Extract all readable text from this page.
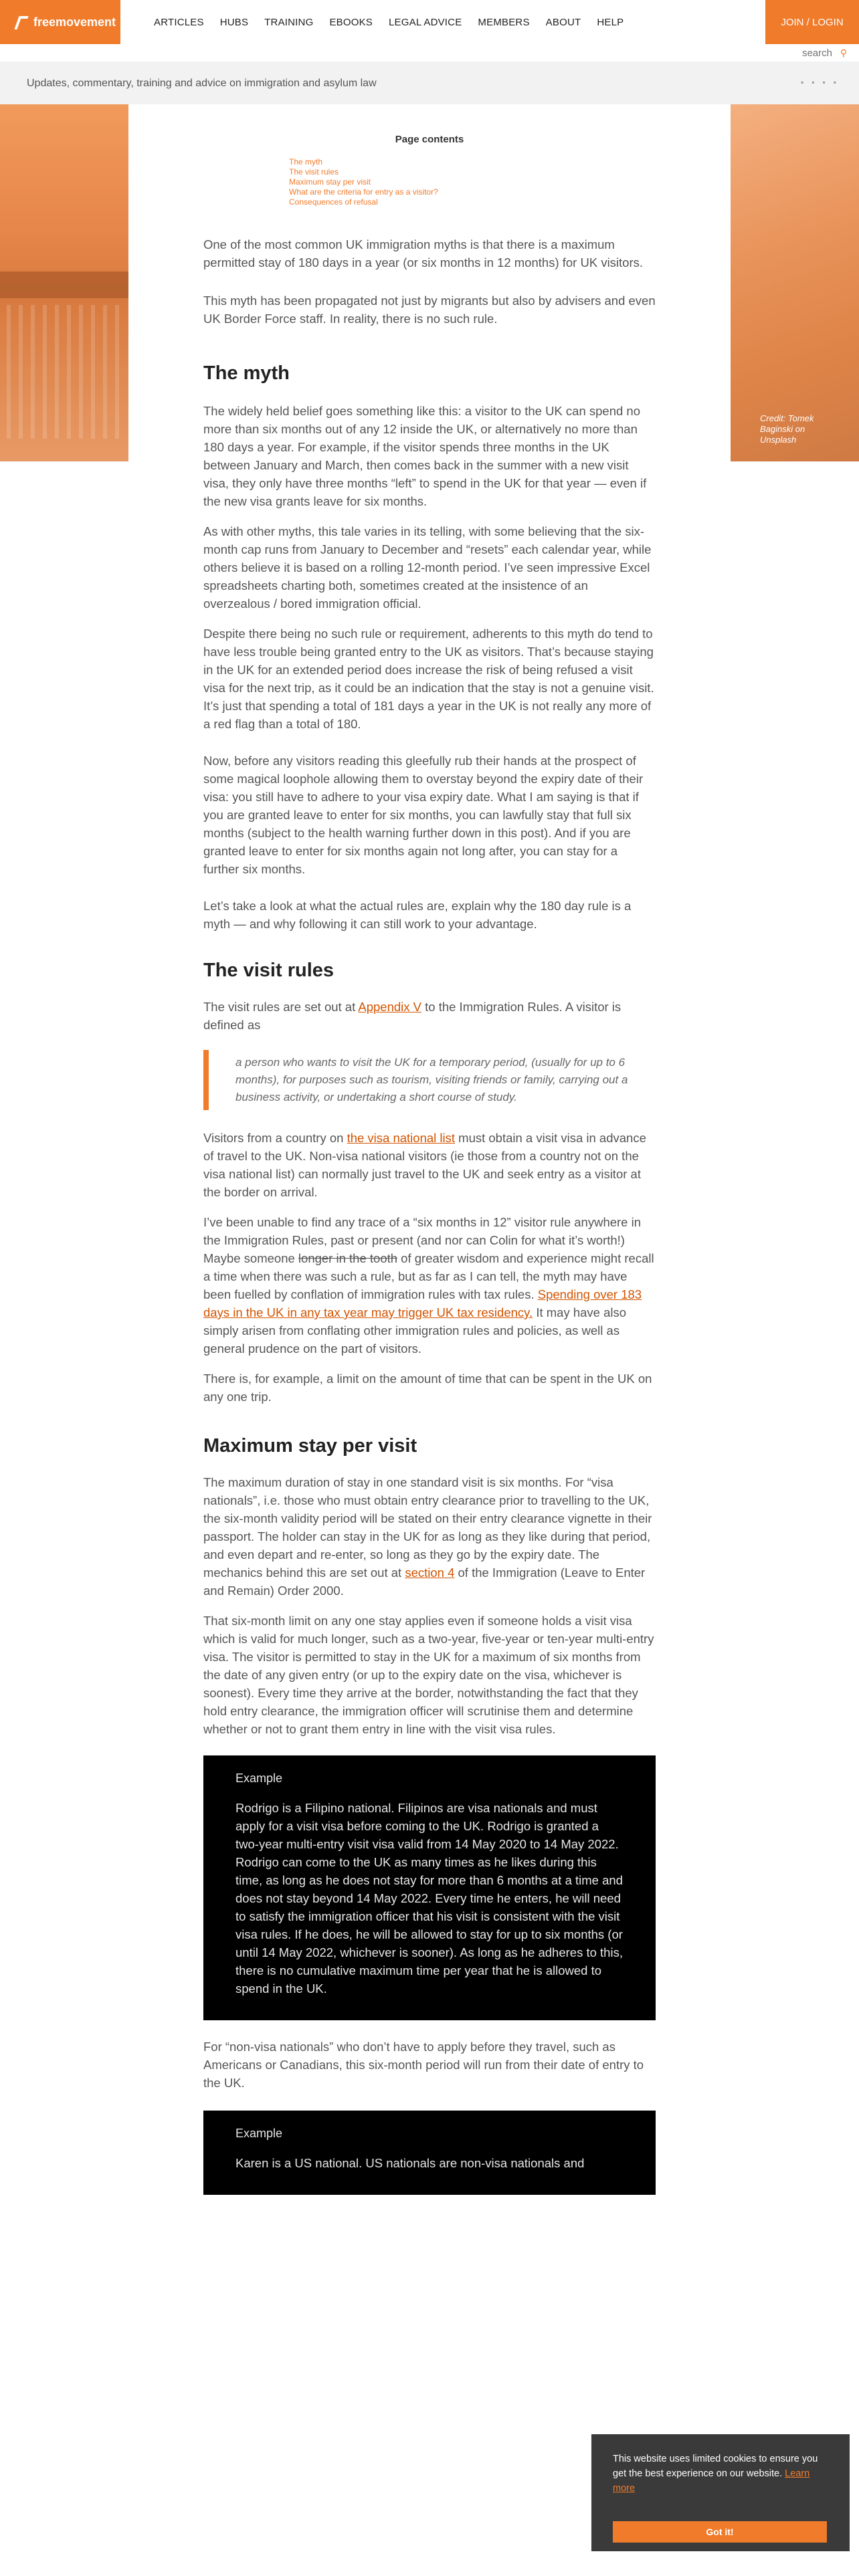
freemovement	ARTICLES HUBS TRAINING EBOOKS LEGAL ADVICE MEMBERS ABOUT HELP	JOIN / LOGIN
search
⚲
Updates, commentary, training and advice on immigration and asylum law	▪ ▪ ▪ ▪
Credit: Tomek Baginski on Unsplash
Page contents
The myth
The visit rules
Maximum stay per visit
What are the criteria for entry as a visitor?
Consequences of refusal

One of the most common UK immigration myths is that there is a maximum permitted stay of 180 days in a year (or six months in 12 months) for UK visitors.

This myth has been propagated not just by migrants but also by advisers and even UK Border Force staff. In reality, there is no such rule.

The myth

The widely held belief goes something like this: a visitor to the UK can spend no more than six months out of any 12 inside the UK, or alternatively no more than 180 days a year. For example, if the visitor spends three months in the UK between January and March, then comes back in the summer with a new visit visa, they only have three months “left” to spend in the UK for that year — even if the new visa grants leave for six months.

As with other myths, this tale varies in its telling, with some believing that the six-month cap runs from January to December and “resets” each calendar year, while others believe it is based on a rolling 12-month period. I’ve seen impressive Excel spreadsheets charting both, sometimes created at the insistence of an overzealous / bored immigration official.

Despite there being no such rule or requirement, adherents to this myth do tend to have less trouble being granted entry to the UK as visitors. That’s because staying in the UK for an extended period does increase the risk of being refused a visit visa for the next trip, as it could be an indication that the stay is not a genuine visit. It’s just that spending a total of 181 days a year in the UK is not really any more of a red flag than a total of 180.

Now, before any visitors reading this gleefully rub their hands at the prospect of some magical loophole allowing them to overstay beyond the expiry date of their visa: you still have to adhere to your visa expiry date. What I am saying is that if you are granted leave to enter for six months, you can lawfully stay that full six months (subject to the health warning further down in this post). And if you are granted leave to enter for six months again not long after, you can stay for a further six months.

Let’s take a look at what the actual rules are, explain why the 180 day rule is a myth — and why following it can still work to your advantage.

The visit rules

The visit rules are set out at Appendix V to the Immigration Rules. A visitor is defined as

a person who wants to visit the UK for a temporary period, (usually for up to 6 months), for purposes such as tourism, visiting friends or family, carrying out a business activity, or undertaking a short course of study.

Visitors from a country on the visa national list must obtain a visit visa in advance of travel to the UK. Non-visa national visitors (ie those from a country not on the visa national list) can normally just travel to the UK and seek entry as a visitor at the border on arrival.

I’ve been unable to find any trace of a “six months in 12” visitor rule anywhere in the Immigration Rules, past or present (and nor can Colin for what it’s worth!) Maybe someone longer in the tooth of greater wisdom and experience might recall a time when there was such a rule, but as far as I can tell, the myth may have been fuelled by conflation of immigration rules with tax rules. Spending over 183 days in the UK in any tax year may trigger UK tax residency. It may have also simply arisen from conflating other immigration rules and policies, as well as general prudence on the part of visitors.

There is, for example, a limit on the amount of time that can be spent in the UK on any one trip.

Maximum stay per visit

The maximum duration of stay in one standard visit is six months. For “visa nationals”, i.e. those who must obtain entry clearance prior to travelling to the UK, the six-month validity period will be stated on their entry clearance vignette in their passport. The holder can stay in the UK for as long as they like during that period, and even depart and re-enter, so long as they go by the expiry date. The mechanics behind this are set out at section 4 of the Immigration (Leave to Enter and Remain) Order 2000.

That six-month limit on any one stay applies even if someone holds a visit visa which is valid for much longer, such as a two-year, five-year or ten-year multi-entry visa. The visitor is permitted to stay in the UK for a maximum of six months from the date of any given entry (or up to the expiry date on the visa, whichever is soonest). Every time they arrive at the border, notwithstanding the fact that they hold entry clearance, the immigration officer will scrutinise them and determine whether or not to grant them entry in line with the visit visa rules.

Example
Rodrigo is a Filipino national. Filipinos are visa nationals and must apply for a visit visa before coming to the UK. Rodrigo is granted a two-year multi-entry visit visa valid from 14 May 2020 to 14 May 2022. Rodrigo can come to the UK as many times as he likes during this time, as long as he does not stay for more than 6 months at a time and does not stay beyond 14 May 2022. Every time he enters, he will need to satisfy the immigration officer that his visit is consistent with the visit visa rules. If he does, he will be allowed to stay for up to six months (or until 14 May 2022, whichever is sooner). As long as he adheres to this, there is no cumulative maximum time per year that he is allowed to spend in the UK.

For “non-visa nationals” who don’t have to apply before they travel, such as Americans or Canadians, this six-month period will run from their date of entry to the UK.

Example
Karen is a US national. US nationals are non-visa nationals and
This website uses limited cookies to ensure you get the best experience on our website. Learn more
Got it!
